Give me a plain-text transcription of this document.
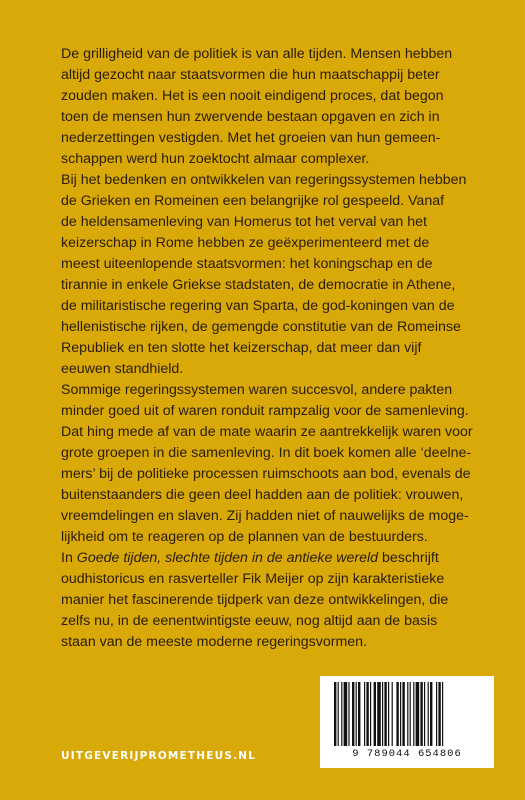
De grilligheid van de politiek is van alle tijden. Mensen hebben
altijd gezocht naar staatsvormen die hun maatschappij beter
zouden maken. Het is een nooit eindigend proces, dat begon
toen de mensen hun zwervende bestaan opgaven en zich in
nederzettingen vestigden. Met het groeien van hun gemeen-
schappen werd hun zoektocht almaar complexer.
Bij het bedenken en ontwikkelen van regeringssystemen hebben
de Grieken en Romeinen een belangrijke rol gespeeld. Vanaf
de heldensamenleving van Homerus tot het verval van het
keizerschap in Rome hebben ze geëxperimenteerd met de
meest uiteenlopende staatsvormen: het koningschap en de
tirannie in enkele Griekse stadstaten, de democratie in Athene,
de militaristische regering van Sparta, de god-koningen van de
hellenistische rijken, de gemengde constitutie van de Romeinse
Republiek en ten slotte het keizerschap, dat meer dan vijf
eeuwen standhield.
Sommige regeringssystemen waren succesvol, andere pakten
minder goed uit of waren ronduit rampzalig voor de samenleving.
Dat hing mede af van de mate waarin ze aantrekkelijk waren voor
grote groepen in die samenleving. In dit boek komen alle ‘deelne-
mers’ bij de politieke processen ruimschoots aan bod, evenals de
buitenstaanders die geen deel hadden aan de politiek: vrouwen,
vreemdelingen en slaven. Zij hadden niet of nauwelijks de moge-
lijkheid om te reageren op de plannen van de bestuurders.
In Goede tijden, slechte tijden in de antieke wereld beschrijft
oudhistoricus en rasverteller Fik Meijer op zijn karakteristieke
manier het fascinerende tijdperk van deze ontwikkelingen, die
zelfs nu, in de eenentwintigste eeuw, nog altijd aan de basis
staan van de meeste moderne regeringsvormen.
9 789044 654806
UITGEVERIJPROMETHEUS.NL
